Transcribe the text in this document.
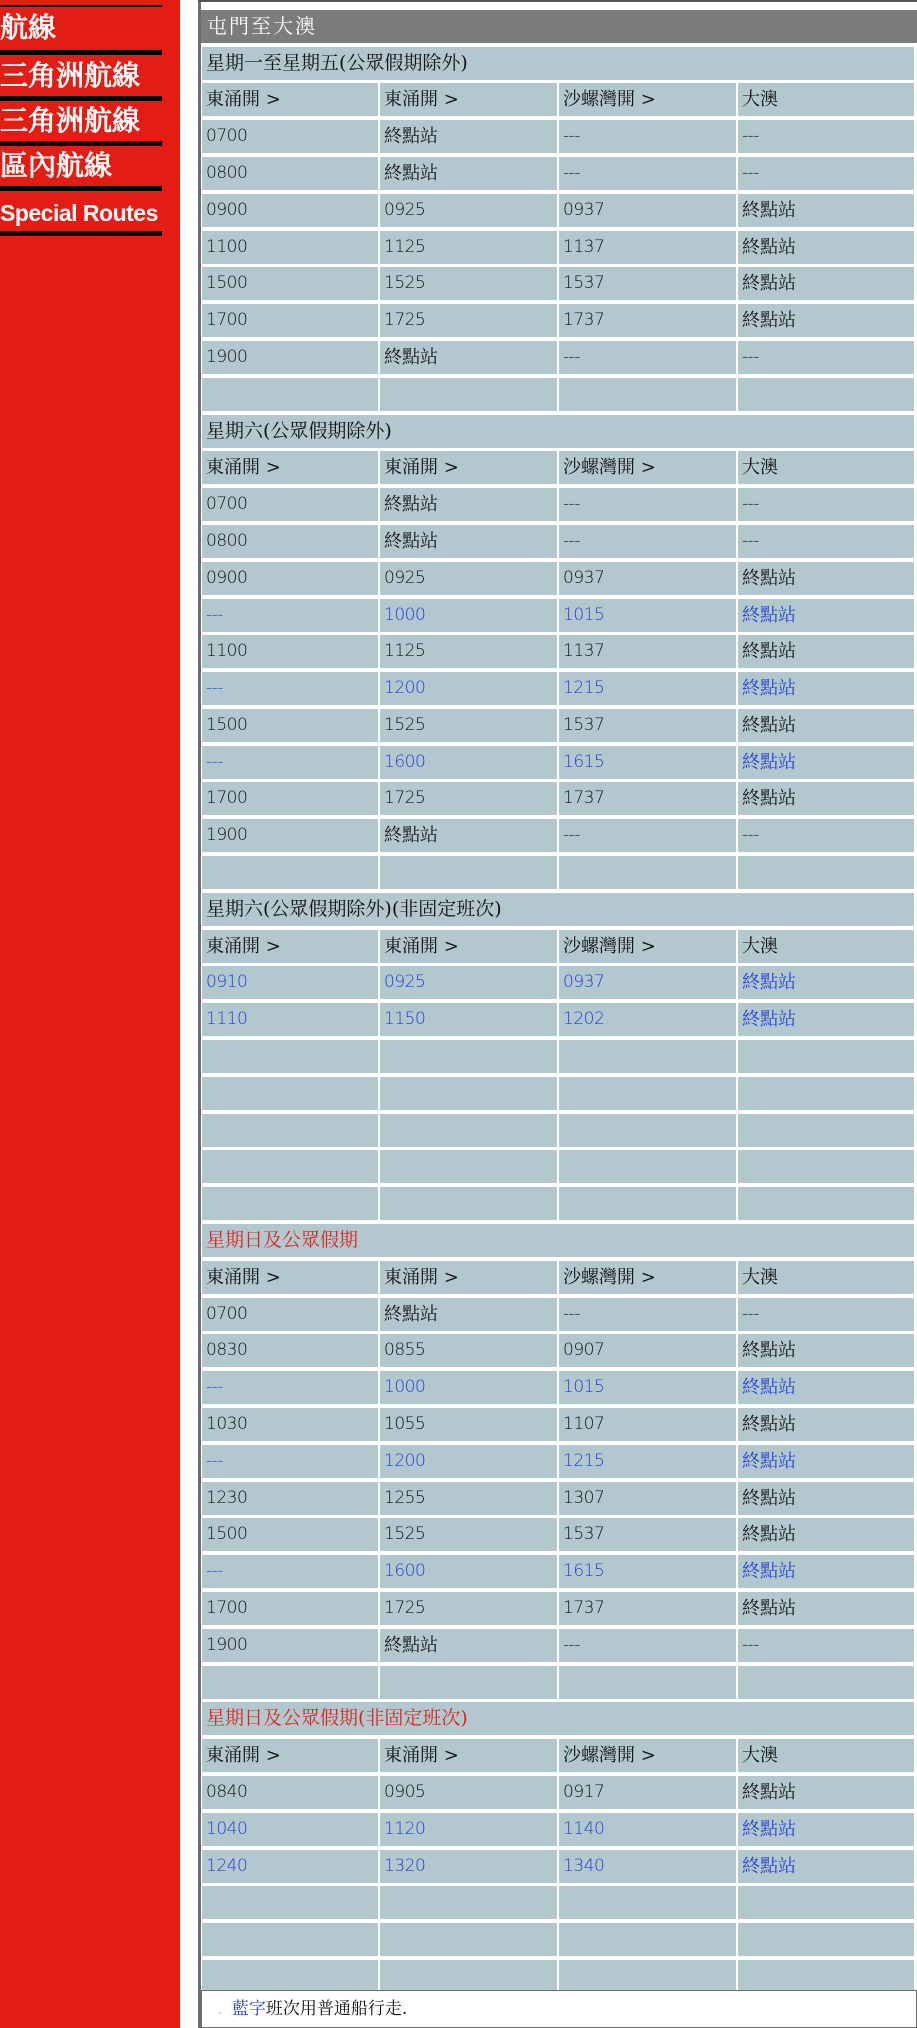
航線
三角洲航線
三角洲航線
區內航線
Special Routes
屯門至大澳
星期一至星期五(公眾假期除外)
東涌開 >	東涌開 >	沙螺灣開 >	大澳
0700	終點站	---	---
0800	終點站	---	---
0900	0925	0937	終點站
1100	1125	1137	終點站
1500	1525	1537	終點站
1700	1725	1737	終點站
1900	終點站	---	---
星期六(公眾假期除外)
東涌開 >	東涌開 >	沙螺灣開 >	大澳
0700	終點站	---	---
0800	終點站	---	---
0900	0925	0937	終點站
---	1000	1015	終點站
1100	1125	1137	終點站
---	1200	1215	終點站
1500	1525	1537	終點站
---	1600	1615	終點站
1700	1725	1737	終點站
1900	終點站	---	---
星期六(公眾假期除外)(非固定班次)
東涌開 >	東涌開 >	沙螺灣開 >	大澳
0910	0925	0937	終點站
1110	1150	1202	終點站
星期日及公眾假期
東涌開 >	東涌開 >	沙螺灣開 >	大澳
0700	終點站	---	---
0830	0855	0907	終點站
---	1000	1015	終點站
1030	1055	1107	終點站
---	1200	1215	終點站
1230	1255	1307	終點站
1500	1525	1537	終點站
---	1600	1615	終點站
1700	1725	1737	終點站
1900	終點站	---	---
星期日及公眾假期(非固定班次)
東涌開 >	東涌開 >	沙螺灣開 >	大澳
0840	0905	0917	終點站
1040	1120	1140	終點站
1240	1320	1340	終點站
. 藍字班次用普通船行走.
